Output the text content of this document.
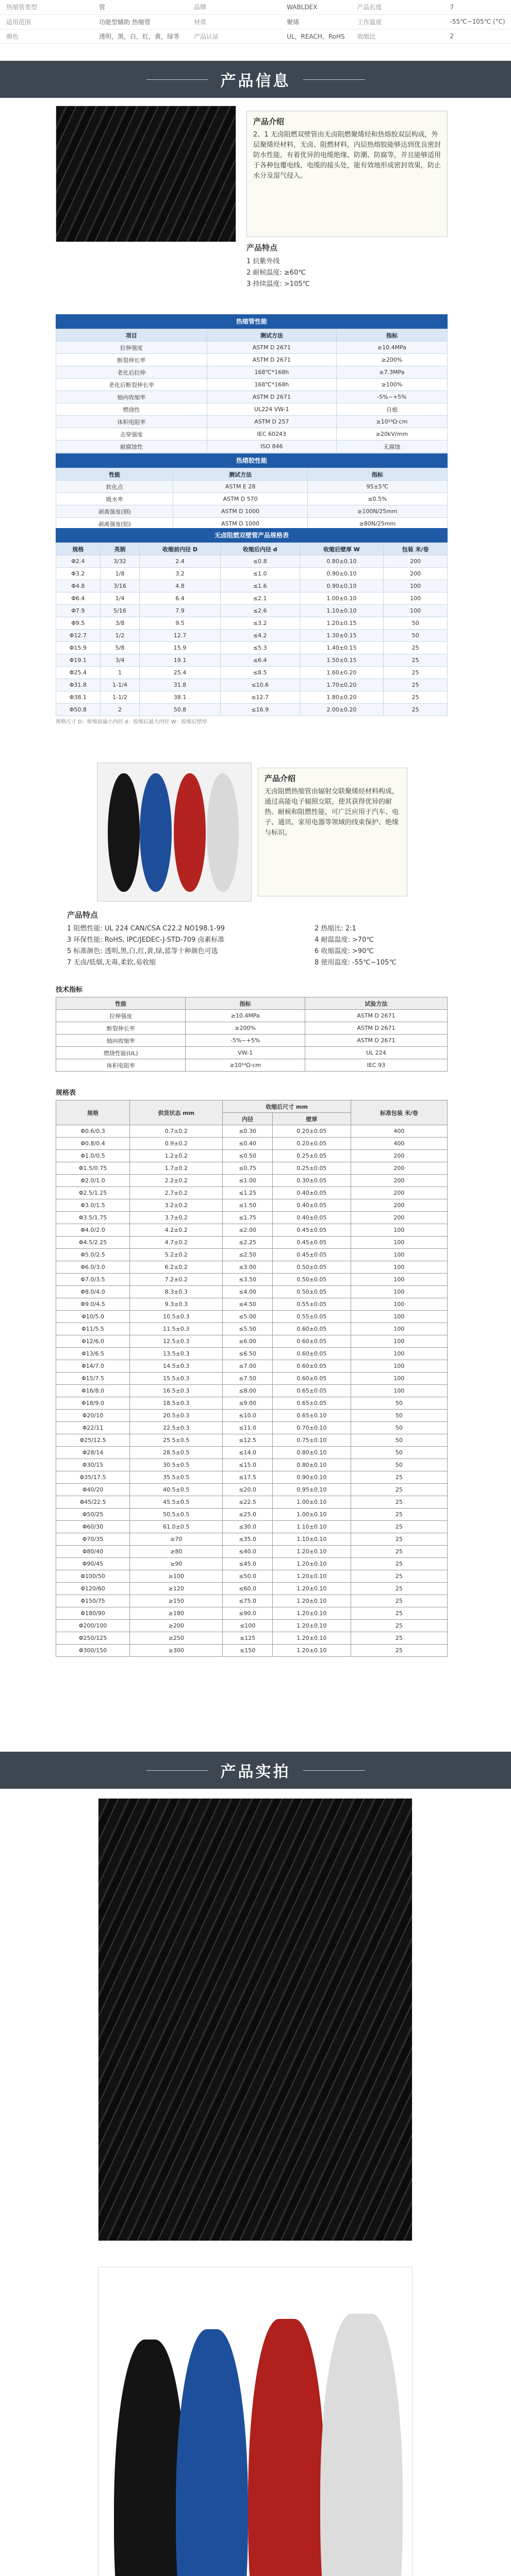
热缩管类型	管	品牌	WABLDEX	产品长度	7
适用范围	功能型辅助 热缩管	材质	聚烯	工作温度	-55℃~105℃ (°C)
颜色	透明，黑，白，红，黄，绿等	产品认证	UL，REACH，RoHS	收缩比	2
产品信息
产品介绍
2、1 无卤阻燃双壁管由无卤阻燃聚烯烃和热熔胶双层构成，外层聚烯烃材料，无卤、阻燃材料，内层热熔胶能够达到优良密封防水性能，有着优异的电缆绝缘、防潮、防腐等，并且能够适用于各种包覆电线、电缆的接头处，能有效地形成密封效果，防止水分及湿气侵入。
产品特点
1 抗紫外线
2 耐候温度: ≥60℃
3 持续温度: >105℃
热缩管性能
项目	测试方法	指标
拉伸强度	ASTM D 2671	≥10.4MPa
断裂伸长率	ASTM D 2671	≥200%
老化后拉伸	168℃*168h	≥7.3MPa
老化后断裂伸长率	168℃*168h	≥100%
轴向收缩率	ASTM D 2671	-5%~+5%
燃烧性	UL224 VW-1	自熄
体积电阻率	ASTM D 257	≥10¹⁴Ω·cm
击穿强度	IEC 60243	≥20kV/mm
耐腐蚀性	ISO 846	无腐蚀
热熔胶性能
性能	测试方法	指标
软化点	ASTM E 28	95±5℃
吸水率	ASTM D 570	≤0.5%
剥离强度(钢)	ASTM D 1000	≥100N/25mm
剥离强度(铝)	ASTM D 1000	≥80N/25mm
无卤阻燃双壁管产品规格表
规格	英制	收缩前内径 D	收缩后内径 d	收缩后壁厚 W	包装 米/卷
Φ2.4	3/32	2.4	≤0.8	0.80±0.10	200
Φ3.2	1/8	3.2	≤1.0	0.90±0.10	200
Φ4.8	3/16	4.8	≤1.6	0.90±0.10	100
Φ6.4	1/4	6.4	≤2.1	1.00±0.10	100
Φ7.9	5/16	7.9	≤2.6	1.10±0.10	100
Φ9.5	3/8	9.5	≤3.2	1.20±0.15	50
Φ12.7	1/2	12.7	≤4.2	1.30±0.15	50
Φ15.9	5/8	15.9	≤5.3	1.40±0.15	25
Φ19.1	3/4	19.1	≤6.4	1.50±0.15	25
Φ25.4	1	25.4	≤8.5	1.60±0.20	25
Φ31.8	1-1/4	31.8	≤10.6	1.70±0.20	25
Φ38.1	1-1/2	38.1	≤12.7	1.80±0.20	25
Φ50.8	2	50.8	≤16.9	2.00±0.20	25
规格尺寸 D：收缩前最小内径 d：收缩后最大内径 W：收缩后壁厚
产品介绍
无卤阻燃热缩管由辐射交联聚烯烃材料构成，通过高能电子辐照交联，使其获得优异的耐热、耐候和阻燃性能，可广泛应用于汽车、电子、通讯、家用电器等领域的线束保护、绝缘与标识。
产品特点
1 阻燃性能: UL 224 CAN/CSA C22.2 NO198.1-99
3 环保性能: RoHS, IPC/JEDEC-J-STD-709 卤素标准
5 标准颜色: 透明,黑,白,红,黄,绿,蓝等十种颜色可选
7 无卤/低烟,无毒,柔软,易收缩
2 热缩比: 2:1
4 耐温温度: >70℃
6 收缩温度: >90℃
8 使用温度: -55℃~105℃
技术指标
性能	指标	试验方法
拉伸强度	≥10.4MPa	ASTM D 2671
断裂伸长率	≥200%	ASTM D 2671
轴向收缩率	-5%~+5%	ASTM D 2671
燃烧性能(UL)	VW-1	UL 224
体积电阻率	≥10¹⁴Ω·cm	IEC 93
规格表
规格	供货状态 mm	收缩后尺寸 mm		标准包装 米/卷
		内径	壁厚	
Φ0.6/0.3	0.7±0.2	≤0.30	0.20±0.05	400
Φ0.8/0.4	0.9±0.2	≤0.40	0.20±0.05	400
Φ1.0/0.5	1.2±0.2	≤0.50	0.25±0.05	200
Φ1.5/0.75	1.7±0.2	≤0.75	0.25±0.05	200
Φ2.0/1.0	2.2±0.2	≤1.00	0.30±0.05	200
Φ2.5/1.25	2.7±0.2	≤1.25	0.40±0.05	200
Φ3.0/1.5	3.2±0.2	≤1.50	0.40±0.05	200
Φ3.5/1.75	3.7±0.2	≤1.75	0.40±0.05	200
Φ4.0/2.0	4.2±0.2	≤2.00	0.45±0.05	100
Φ4.5/2.25	4.7±0.2	≤2.25	0.45±0.05	100
Φ5.0/2.5	5.2±0.2	≤2.50	0.45±0.05	100
Φ6.0/3.0	6.2±0.2	≤3.00	0.50±0.05	100
Φ7.0/3.5	7.2±0.2	≤3.50	0.50±0.05	100
Φ8.0/4.0	8.3±0.3	≤4.00	0.50±0.05	100
Φ9.0/4.5	9.3±0.3	≤4.50	0.55±0.05	100
Φ10/5.0	10.5±0.3	≤5.00	0.55±0.05	100
Φ11/5.5	11.5±0.3	≤5.50	0.60±0.05	100
Φ12/6.0	12.5±0.3	≤6.00	0.60±0.05	100
Φ13/6.5	13.5±0.3	≤6.50	0.60±0.05	100
Φ14/7.0	14.5±0.3	≤7.00	0.60±0.05	100
Φ15/7.5	15.5±0.3	≤7.50	0.60±0.05	100
Φ16/8.0	16.5±0.3	≤8.00	0.65±0.05	100
Φ18/9.0	18.5±0.3	≤9.00	0.65±0.05	50
Φ20/10	20.5±0.3	≤10.0	0.65±0.10	50
Φ22/11	22.5±0.3	≤11.0	0.70±0.10	50
Φ25/12.5	25.5±0.5	≤12.5	0.75±0.10	50
Φ28/14	28.5±0.5	≤14.0	0.80±0.10	50
Φ30/15	30.5±0.5	≤15.0	0.80±0.10	50
Φ35/17.5	35.5±0.5	≤17.5	0.90±0.10	25
Φ40/20	40.5±0.5	≤20.0	0.95±0.10	25
Φ45/22.5	45.5±0.5	≤22.5	1.00±0.10	25
Φ50/25	50.5±0.5	≤25.0	1.00±0.10	25
Φ60/30	61.0±0.5	≤30.0	1.10±0.10	25
Φ70/35	≥70	≤35.0	1.10±0.10	25
Φ80/40	≥80	≤40.0	1.20±0.10	25
Φ90/45	≥90	≤45.0	1.20±0.10	25
Φ100/50	≥100	≤50.0	1.20±0.10	25
Φ120/60	≥120	≤60.0	1.20±0.10	25
Φ150/75	≥150	≤75.0	1.20±0.10	25
Φ180/90	≥180	≤90.0	1.20±0.10	25
Φ200/100	≥200	≤100	1.20±0.10	25
Φ250/125	≥250	≤125	1.20±0.10	25
Φ300/150	≥300	≤150	1.20±0.10	25
产品实拍
